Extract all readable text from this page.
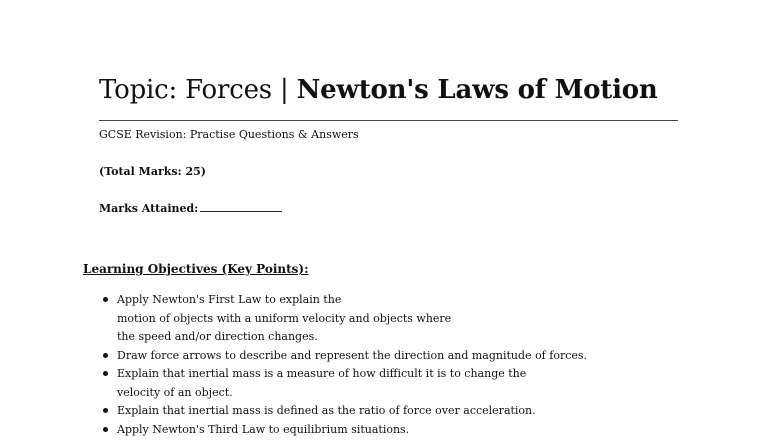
Topic: Forces | Newton's Laws of Motion
GCSE Revision: Practise Questions & Answers
(Total Marks: 25)
Marks Attained:
Learning Objectives (Key Points):
Apply Newton's First Law to explain the
motion of objects with a uniform velocity and objects where
the speed and/or direction changes.
Draw force arrows to describe and represent the direction and magnitude of forces.
Explain that inertial mass is a measure of how difficult it is to change the
velocity of an object.
Explain that inertial mass is defined as the ratio of force over acceleration.
Apply Newton's Third Law to equilibrium situations.
